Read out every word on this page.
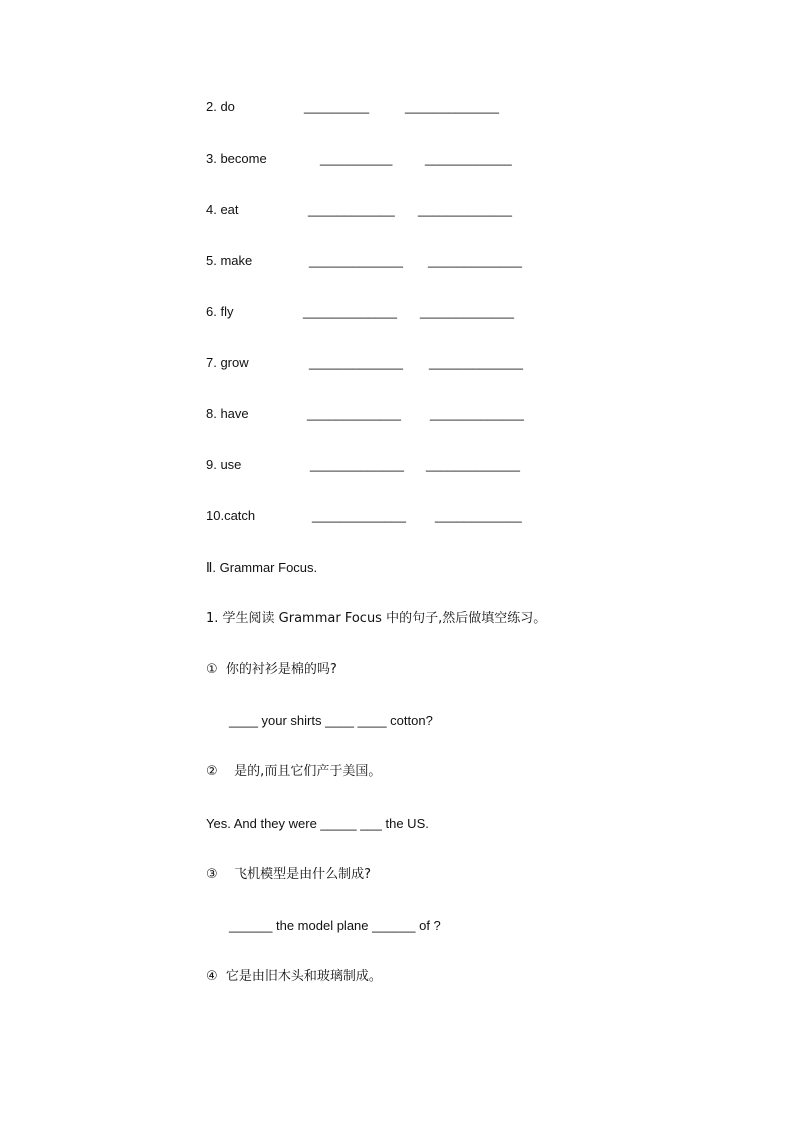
2. do	_________	_____________
3. become	__________	____________
4. eat	____________ _____________
5. make	_____________ _____________
6. fly	_____________ _____________
7. grow	_____________ _____________
8. have	_____________ _____________
9. use	_____________ _____________
10.catch	_____________ ____________
Ⅱ. Grammar Focus.
1. 学生阅读 Grammar Focus 中的句子,然后做填空练习。
①  你的衬衫是棉的吗?
____ your shirts ____ ____ cotton?
②    是的,而且它们产于美国。
Yes. And they were _____ ___ the US.
③    飞机模型是由什么制成?
______ the model plane ______ of ?
④  它是由旧木头和玻璃制成。
